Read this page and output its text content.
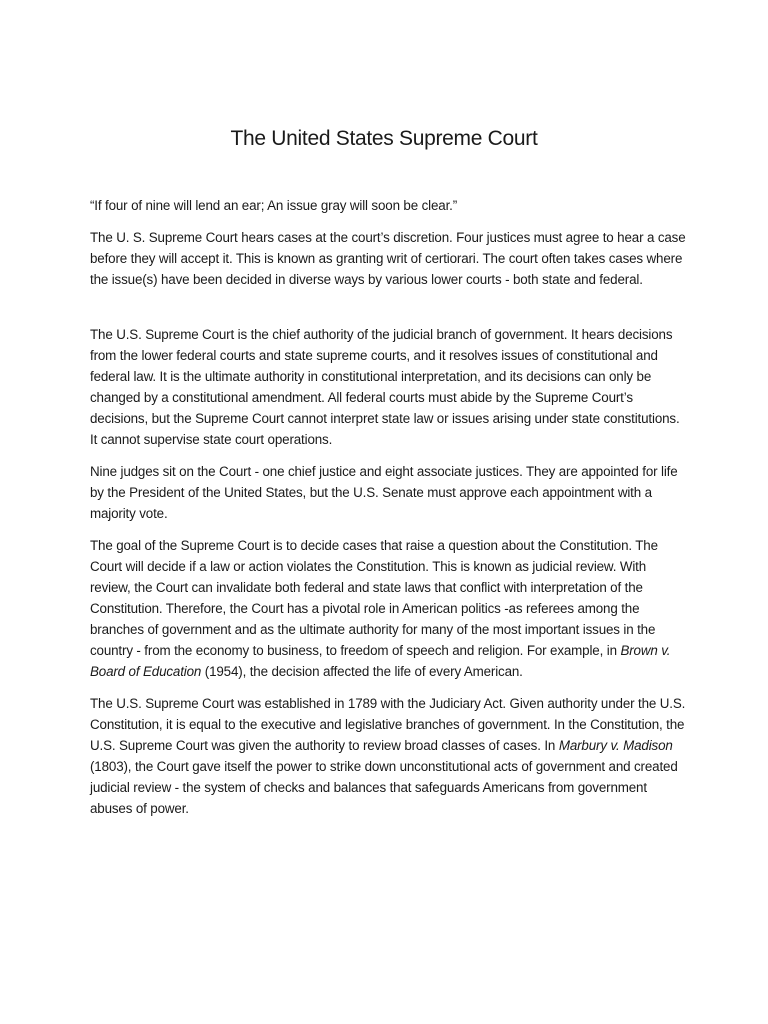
The United States Supreme Court

“If four of nine will lend an ear; An issue gray will soon be clear.”

The U. S. Supreme Court hears cases at the court’s discretion. Four justices must agree to hear a case before they will accept it. This is known as granting writ of certiorari. The court often takes cases where the issue(s) have been decided in diverse ways by various lower courts - both state and federal.

The U.S. Supreme Court is the chief authority of the judicial branch of government. It hears decisions from the lower federal courts and state supreme courts, and it resolves issues of constitutional and federal law. It is the ultimate authority in constitutional interpretation, and its decisions can only be changed by a constitutional amendment. All federal courts must abide by the Supreme Court’s decisions, but the Supreme Court cannot interpret state law or issues arising under state constitutions. It cannot supervise state court operations.

Nine judges sit on the Court - one chief justice and eight associate justices. They are appointed for life by the President of the United States, but the U.S. Senate must approve each appointment with a majority vote.

The goal of the Supreme Court is to decide cases that raise a question about the Constitution. The Court will decide if a law or action violates the Constitution. This is known as judicial review. With review, the Court can invalidate both federal and state laws that conflict with interpretation of the Constitution. Therefore, the Court has a pivotal role in American politics -as referees among the branches of government and as the ultimate authority for many of the most important issues in the country - from the economy to business, to freedom of speech and religion. For example, in Brown v. Board of Education (1954), the decision affected the life of every American.

The U.S. Supreme Court was established in 1789 with the Judiciary Act. Given authority under the U.S. Constitution, it is equal to the executive and legislative branches of government. In the Constitution, the U.S. Supreme Court was given the authority to review broad classes of cases. In Marbury v. Madison (1803), the Court gave itself the power to strike down unconstitutional acts of government and created judicial review - the system of checks and balances that safeguards Americans from government abuses of power.
